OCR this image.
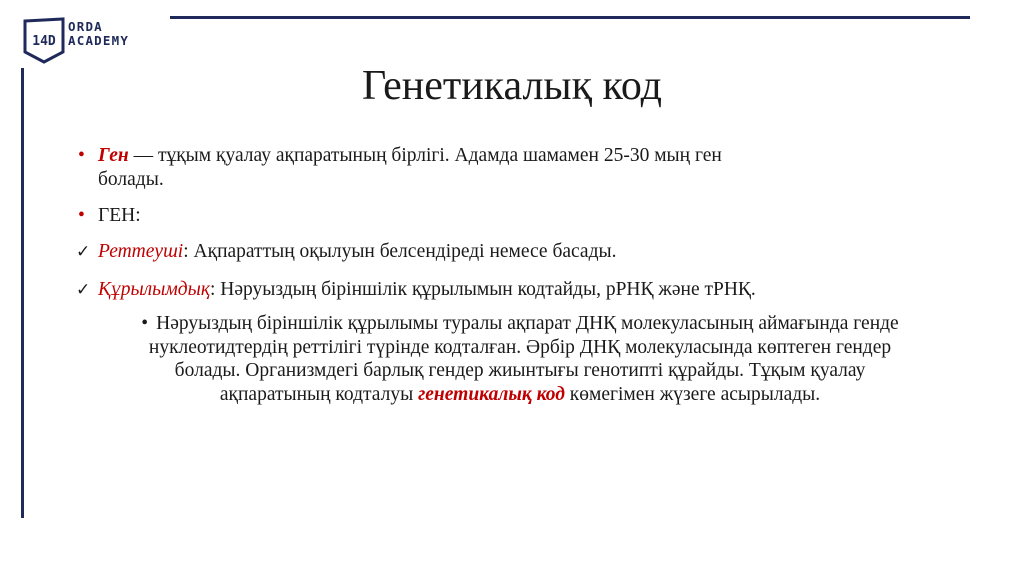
14D
ORDA
ACADEMY
Генетикалық код
• Ген — тұқым қуалау ақпаратының бірлігі. Адамда шамамен 25-30 мың ген
болады.
• ГЕН:
✓ Реттеуші: Ақпараттың оқылуын белсендіреді немесе басады.
✓ Құрылымдық: Нәруыздың біріншілік құрылымын кодтайды, рРНҚ және тРНҚ.
• Нәруыздың біріншілік құрылымы туралы ақпарат ДНҚ молекуласының аймағында генде нуклеотидтердің реттілігі түрінде кодталған. Әрбір ДНҚ молекуласында көптеген гендер болады. Организмдегі барлық гендер жиынтығы генотипті құрайды. Тұқым қуалау ақпаратының кодталуы генетикалық код көмегімен жүзеге асырылады.
